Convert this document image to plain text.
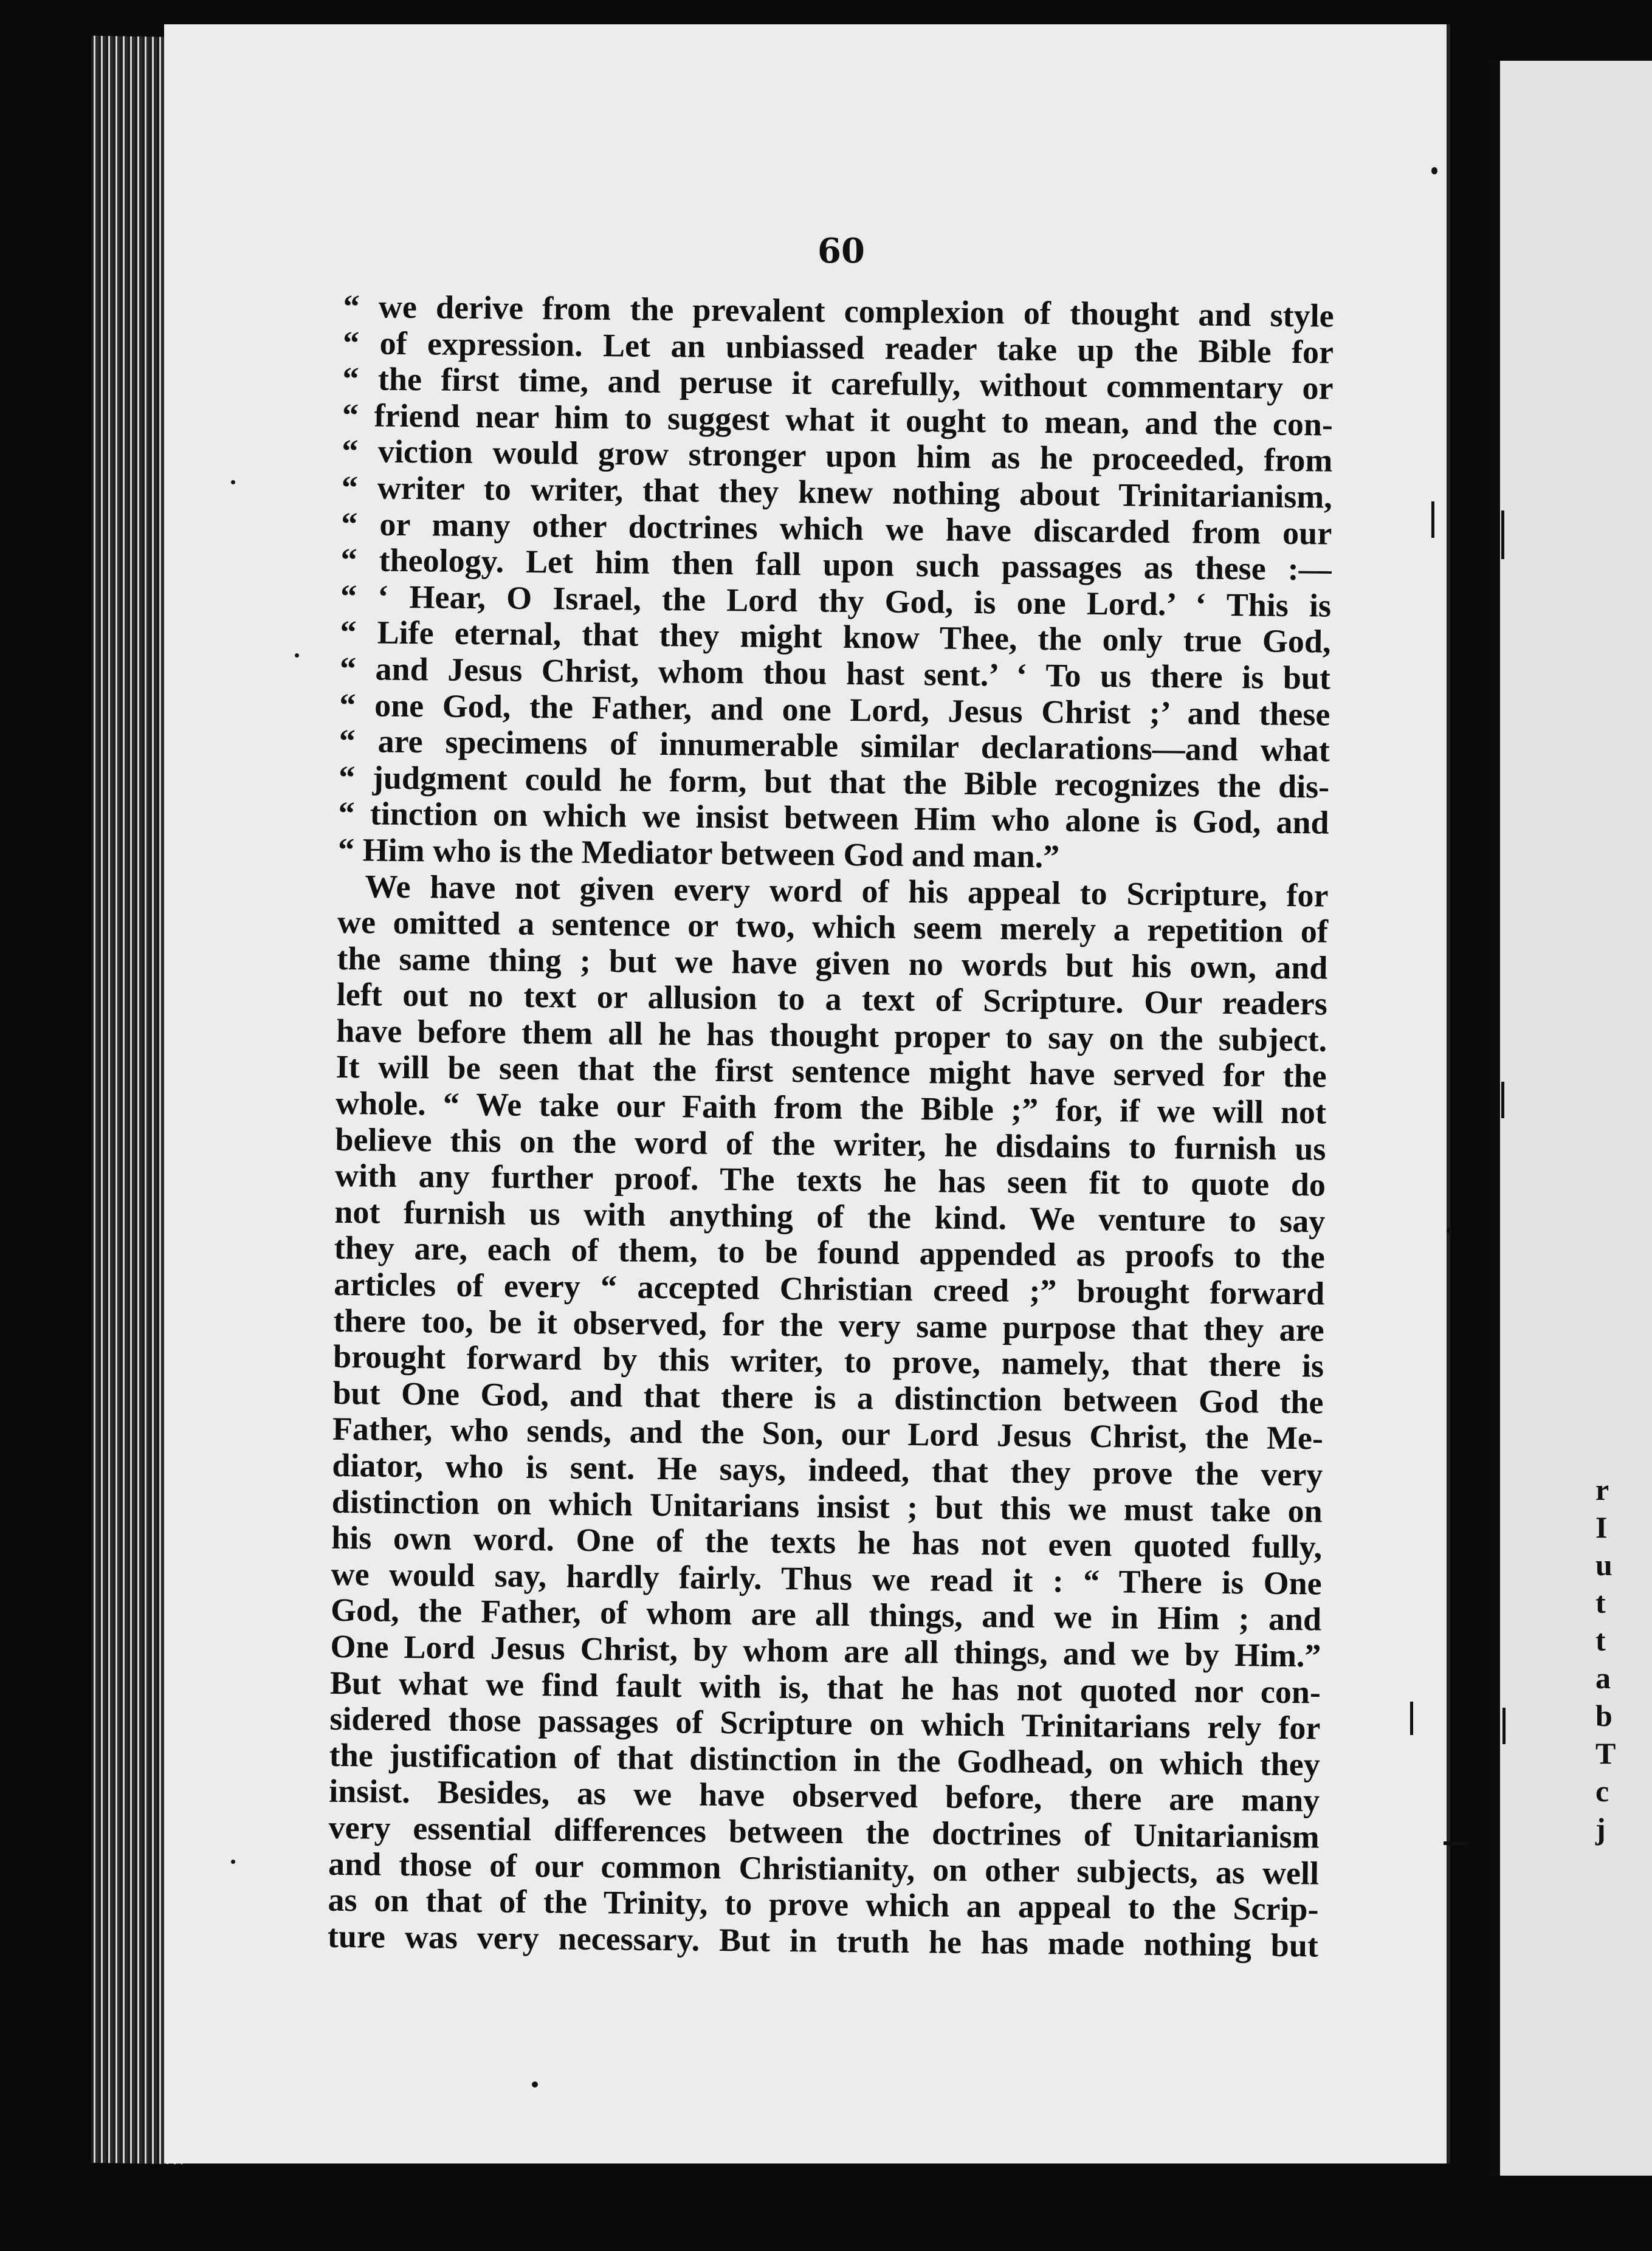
60
“ we derive from the prevalent complexion of thought and style
“ of expression. Let an unbiassed reader take up the Bible for
“ the first time, and peruse it carefully, without commentary or
“ friend near him to suggest what it ought to mean, and the con-
“ viction would grow stronger upon him as he proceeded, from
“ writer to writer, that they knew nothing about Trinitarianism,
“ or many other doctrines which we have discarded from our
“ theology. Let him then fall upon such passages as these :—
“ ‘ Hear, O Israel, the Lord thy God, is one Lord.’ ‘ This is
“ Life eternal, that they might know Thee, the only true God,
“ and Jesus Christ, whom thou hast sent.’ ‘ To us there is but
“ one God, the Father, and one Lord, Jesus Christ ;’ and these
“ are specimens of innumerable similar declarations—and what
“ judgment could he form, but that the Bible recognizes the dis-
“ tinction on which we insist between Him who alone is God, and
“ Him who is the Mediator between God and man.”
We have not given every word of his appeal to Scripture, for
we omitted a sentence or two, which seem merely a repetition of
the same thing ; but we have given no words but his own, and
left out no text or allusion to a text of Scripture. Our readers
have before them all he has thought proper to say on the subject.
It will be seen that the first sentence might have served for the
whole. “ We take our Faith from the Bible ;” for, if we will not
believe this on the word of the writer, he disdains to furnish us
with any further proof. The texts he has seen fit to quote do
not furnish us with anything of the kind. We venture to say
they are, each of them, to be found appended as proofs to the
articles of every “ accepted Christian creed ;” brought forward
there too, be it observed, for the very same purpose that they are
brought forward by this writer, to prove, namely, that there is
but One God, and that there is a distinction between God the
Father, who sends, and the Son, our Lord Jesus Christ, the Me-
diator, who is sent. He says, indeed, that they prove the very
distinction on which Unitarians insist ; but this we must take on
his own word. One of the texts he has not even quoted fully,
we would say, hardly fairly. Thus we read it : “ There is One
God, the Father, of whom are all things, and we in Him ; and
One Lord Jesus Christ, by whom are all things, and we by Him.”
But what we find fault with is, that he has not quoted nor con-
sidered those passages of Scripture on which Trinitarians rely for
the justification of that distinction in the Godhead, on which they
insist. Besides, as we have observed before, there are many
very essential differences between the doctrines of Unitarianism
and those of our common Christianity, on other subjects, as well
as on that of the Trinity, to prove which an appeal to the Scrip-
ture was very necessary. But in truth he has made nothing but
r
I
u
t
t
a
b
T
c
j
